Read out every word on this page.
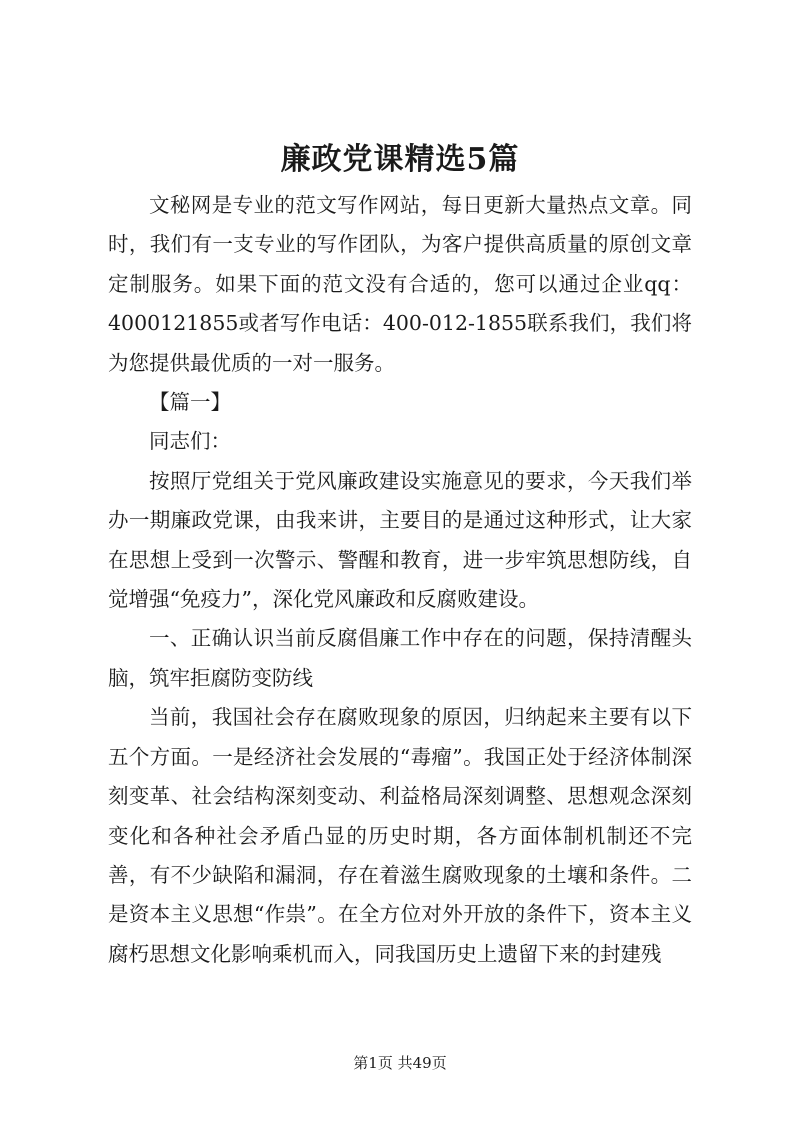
廉政党课精选5篇

文秘网是专业的范文写作网站，每日更新大量热点文章。同时，我们有一支专业的写作团队，为客户提供高质量的原创文章定制服务。如果下面的范文没有合适的，您可以通过企业qq：4000121855或者写作电话：400-012-1855联系我们，我们将为您提供最优质的一对一服务。

【篇一】

同志们：

按照厅党组关于党风廉政建设实施意见的要求，今天我们举办一期廉政党课，由我来讲，主要目的是通过这种形式，让大家在思想上受到一次警示、警醒和教育，进一步牢筑思想防线，自觉增强“免疫力”，深化党风廉政和反腐败建设。

一、正确认识当前反腐倡廉工作中存在的问题，保持清醒头脑，筑牢拒腐防变防线

当前，我国社会存在腐败现象的原因，归纳起来主要有以下五个方面。一是经济社会发展的“毒瘤”。我国正处于经济体制深刻变革、社会结构深刻变动、利益格局深刻调整、思想观念深刻变化和各种社会矛盾凸显的历史时期，各方面体制机制还不完善，有不少缺陷和漏洞，存在着滋生腐败现象的土壤和条件。二是资本主义思想“作祟”。在全方位对外开放的条件下，资本主义腐朽思想文化影响乘机而入，同我国历史上遗留下来的封建残

第1页 共49页
